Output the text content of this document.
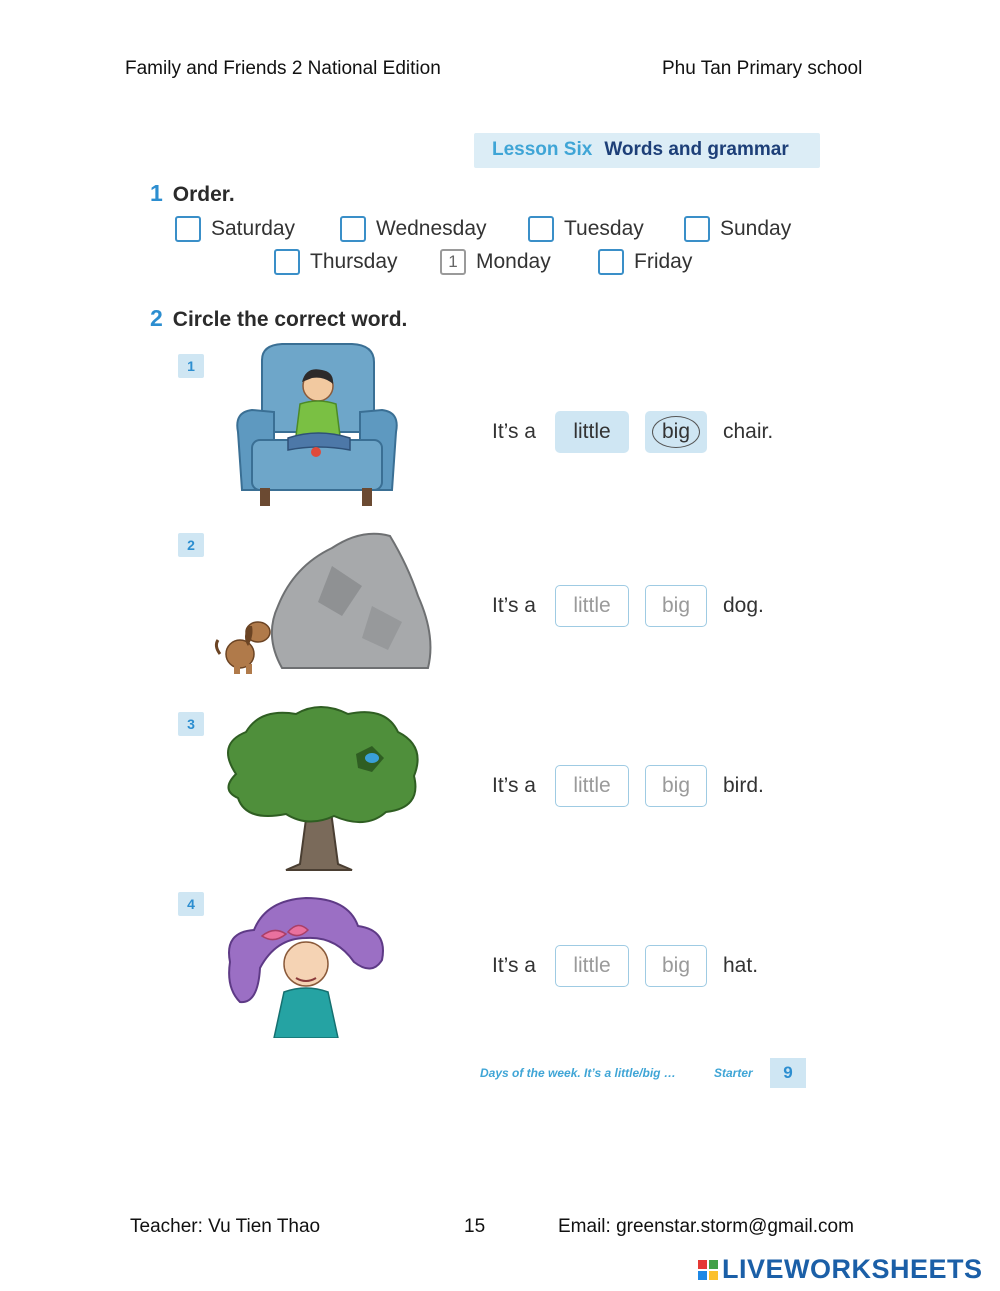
Family and Friends 2 National Edition	Phu Tan Primary school
Lesson Six Words and grammar
1 Order.
Saturday	Wednesday	Tuesday	Sunday
Thursday	1 Monday	Friday
2 Circle the correct word.
1
It’s a	little	big	chair.
2
It’s a	little big dog.
3
It’s a	little big bird.
4
It’s a	little big hat.
Days of the week. It’s a little/big …	Starter	9
Teacher: Vu Tien Thao	15	Email: greenstar.storm@gmail.com
LIVEWORKSHEETS
